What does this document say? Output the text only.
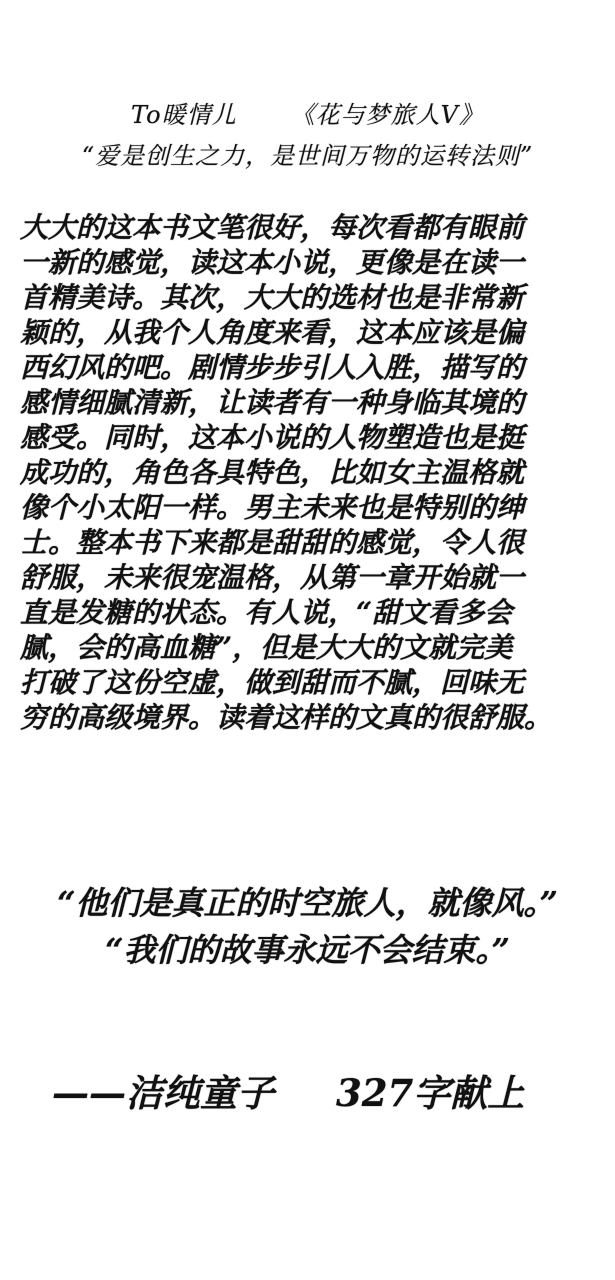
To暖情儿 《花与梦旅人Ⅴ》
“爱是创生之力，是世间万物的运转法则”
大大的这本书文笔很好，每次看都有眼前
一新的感觉，读这本小说，更像是在读一
首精美诗。其次，大大的选材也是非常新
颖的，从我个人角度来看，这本应该是偏
西幻风的吧。剧情步步引人入胜，描写的
感情细腻清新，让读者有一种身临其境的
感受。同时，这本小说的人物塑造也是挺
成功的，角色各具特色，比如女主温格就
像个小太阳一样。男主未来也是特别的绅
士。整本书下来都是甜甜的感觉，令人很
舒服，未来很宠温格，从第一章开始就一
直是发糖的状态。有人说，“甜文看多会
腻，会的高血糖”，但是大大的文就完美
打破了这份空虚，做到甜而不腻，回味无
穷的高级境界。读着这样的文真的很舒服。
“他们是真正的时空旅人，就像风。”
“我们的故事永远不会结束。”
——洁纯童子 327字献上
